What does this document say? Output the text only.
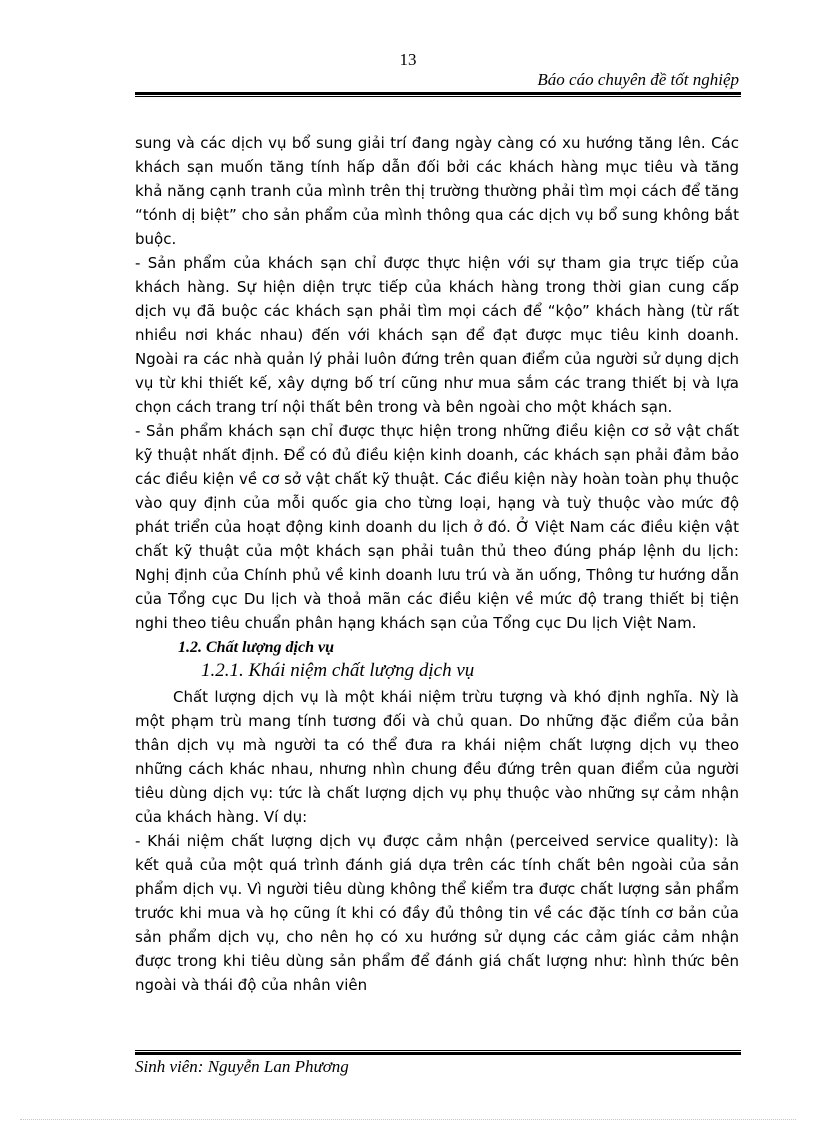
13
Báo cáo chuyên đề tốt nghiệp

sung và các dịch vụ bổ sung giải trí đang ngày càng có xu hướng tăng lên. Các khách sạn muốn tăng tính hấp dẫn đối bởi các khách hàng mục tiêu và tăng khả năng cạnh tranh của mình trên thị trường thường phải tìm mọi cách để tăng “tónh dị biệt” cho sản phẩm của mình thông qua các dịch vụ bổ sung không bắt buộc.

- Sản phẩm của khách sạn chỉ được thực hiện với sự tham gia trực tiếp của khách hàng. Sự hiện diện trực tiếp của khách hàng trong thời gian cung cấp dịch vụ đã buộc các khách sạn phải tìm mọi cách để “kộo” khách hàng (từ rất nhiều nơi khác nhau) đến với khách sạn để đạt được mục tiêu kinh doanh. Ngoài ra các nhà quản lý phải luôn đứng trên quan điểm của người sử dụng dịch vụ từ khi thiết kế, xây dựng bố trí cũng như mua sắm các trang thiết bị và lựa chọn cách trang trí nội thất bên trong và bên ngoài cho một khách sạn.

- Sản phẩm khách sạn chỉ được thực hiện trong những điều kiện cơ sở vật chất kỹ thuật nhất định. Để có đủ điều kiện kinh doanh, các khách sạn phải đảm bảo các điều kiện về cơ sở vật chất kỹ thuật. Các điều kiện này hoàn toàn phụ thuộc vào quy định của mỗi quốc gia cho từng loại, hạng và tuỳ thuộc vào mức độ phát triển của hoạt động kinh doanh du lịch ở đó. Ở Việt Nam các điều kiện vật chất kỹ thuật của một khách sạn phải tuân thủ theo đúng pháp lệnh du lịch: Nghị định của Chính phủ về kinh doanh lưu trú và ăn uống, Thông tư hướng dẫn của Tổng cục Du lịch và thoả mãn các điều kiện về mức độ trang thiết bị tiện nghi theo tiêu chuẩn phân hạng khách sạn của Tổng cục Du lịch Việt Nam.

1.2. Chất lượng dịch vụ
1.2.1. Khái niệm chất lượng dịch vụ

Chất lượng dịch vụ là một khái niệm trừu tượng và khó định nghĩa. Nỳ là một phạm trù mang tính tương đối và chủ quan. Do những đặc điểm của bản thân dịch vụ mà người ta có thể đưa ra khái niệm chất lượng dịch vụ theo những cách khác nhau, nhưng nhìn chung đều đứng trên quan điểm của người tiêu dùng dịch vụ: tức là chất lượng dịch vụ phụ thuộc vào những sự cảm nhận của khách hàng. Ví dụ:

- Khái niệm chất lượng dịch vụ được cảm nhận (perceived service quality): là kết quả của một quá trình đánh giá dựa trên các tính chất bên ngoài của sản phẩm dịch vụ. Vì người tiêu dùng không thể kiểm tra được chất lượng sản phẩm trước khi mua và họ cũng ít khi có đầy đủ thông tin về các đặc tính cơ bản của sản phẩm dịch vụ, cho nên họ có xu hướng sử dụng các cảm giác cảm nhận được trong khi tiêu dùng sản phẩm để đánh giá chất lượng như: hình thức bên ngoài và thái độ của nhân viên

Sinh viên: Nguyễn Lan Phương
